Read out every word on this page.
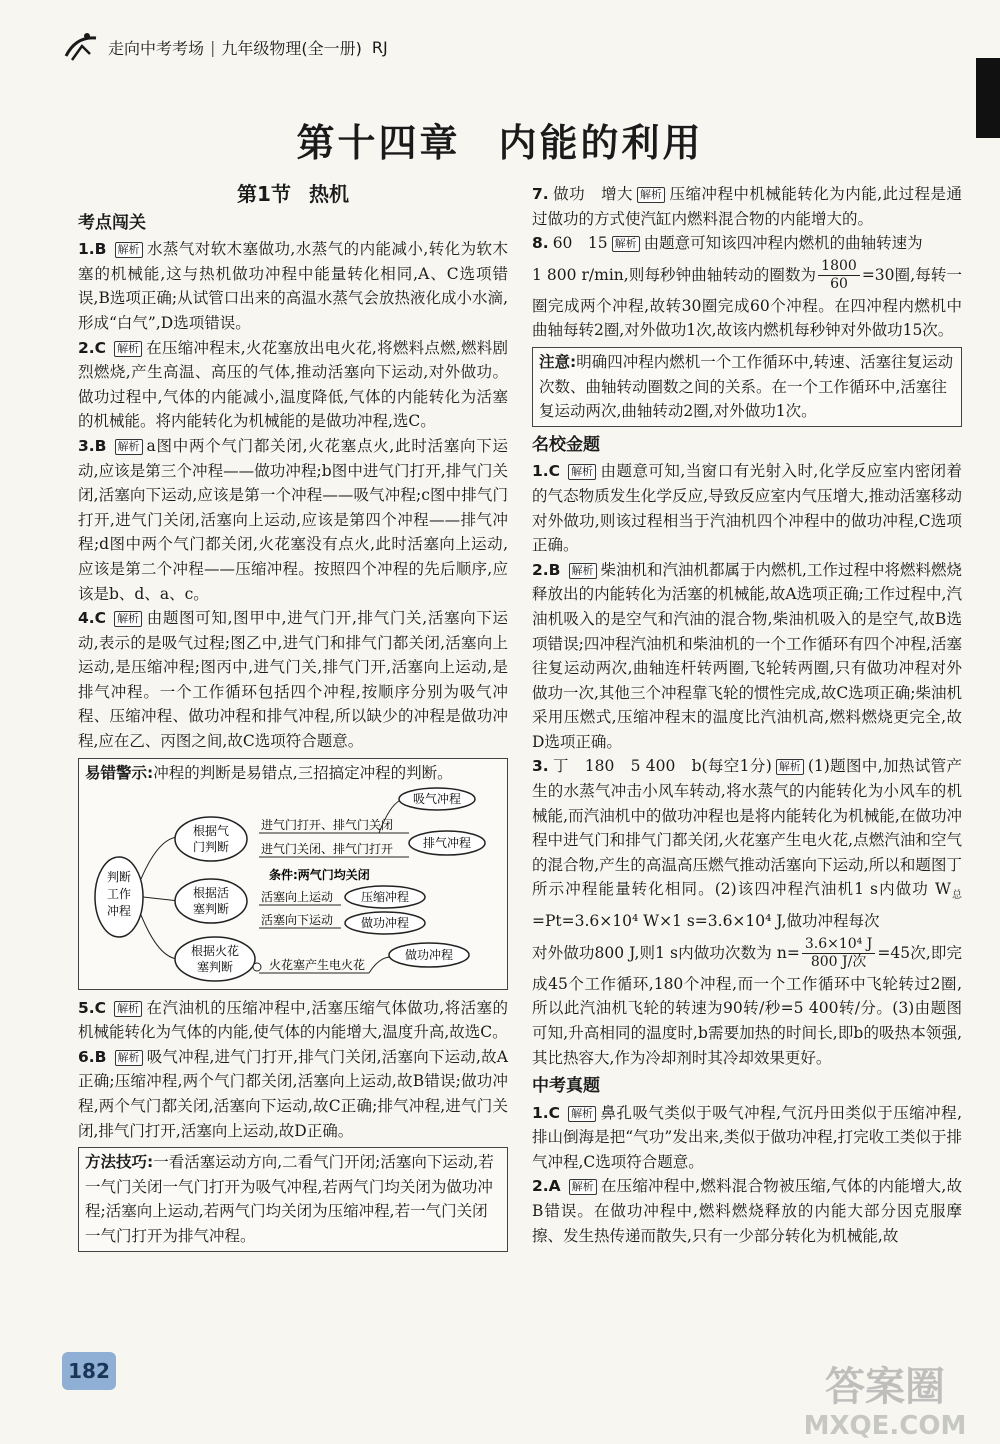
走向中考考场 | 九年级物理(全一册) RJ
第十四章 内能的利用
第1节 热机
考点闯关

1.B 解析 水蒸气对软木塞做功,水蒸气的内能减小,转化为软木塞的机械能,这与热机做功冲程中能量转化相同,A、C选项错误,B选项正确;从试管口出来的高温水蒸气会放热液化成小水滴,形成“白气”,D选项错误。

2.C 解析 在压缩冲程末,火花塞放出电火花,将燃料点燃,燃料剧烈燃烧,产生高温、高压的气体,推动活塞向下运动,对外做功。做功过程中,气体的内能减小,温度降低,气体的内能转化为活塞的机械能。将内能转化为机械能的是做功冲程,选C。

3.B 解析 a图中两个气门都关闭,火花塞点火,此时活塞向下运动,应该是第三个冲程——做功冲程;b图中进气门打开,排气门关闭,活塞向下运动,应该是第一个冲程——吸气冲程;c图中排气门打开,进气门关闭,活塞向上运动,应该是第四个冲程——排气冲程;d图中两个气门都关闭,火花塞没有点火,此时活塞向上运动,应该是第二个冲程——压缩冲程。按照四个冲程的先后顺序,应该是b、d、a、c。

4.C 解析 由题图可知,图甲中,进气门开,排气门关,活塞向下运动,表示的是吸气过程;图乙中,进气门和排气门都关闭,活塞向上运动,是压缩冲程;图丙中,进气门关,排气门开,活塞向上运动,是排气冲程。一个工作循环包括四个冲程,按顺序分别为吸气冲程、压缩冲程、做功冲程和排气冲程,所以缺少的冲程是做功冲程,应在乙、丙图之间,故C选项符合题意。

易错警示:冲程的判断是易错点,三招搞定冲程的判断。
判断
工作
冲程
根据气
门判断
根据活
塞判断
根据火花
塞判断
进气门打开、排气门关闭
进气门关闭、排气门打开
条件:两气门均关闭
活塞向上运动
活塞向下运动
火花塞产生电火花
吸气冲程
排气冲程
压缩冲程
做功冲程
做功冲程

5.C 解析 在汽油机的压缩冲程中,活塞压缩气体做功,将活塞的机械能转化为气体的内能,使气体的内能增大,温度升高,故选C。

6.B 解析 吸气冲程,进气门打开,排气门关闭,活塞向下运动,故A正确;压缩冲程,两个气门都关闭,活塞向上运动,故B错误;做功冲程,两个气门都关闭,活塞向下运动,故C正确;排气冲程,进气门关闭,排气门打开,活塞向上运动,故D正确。

方法技巧:一看活塞运动方向,二看气门开闭;活塞向下运动,若一气门关闭一气门打开为吸气冲程,若两气门均关闭为做功冲程;活塞向上运动,若两气门均关闭为压缩冲程,若一气门关闭一气门打开为排气冲程。

7. 做功　增大 解析 压缩冲程中机械能转化为内能,此过程是通过做功的方式使汽缸内燃料混合物的内能增大的。

8. 60　15 解析 由题意可知该四冲程内燃机的曲轴转速为
1 800 r/min,则每秒钟曲轴转动的圈数为 $\frac{1800}{60} =30$圈,每转一圈完成两个冲程,故转30圈完成60个冲程。在四冲程内燃机中曲轴每转2圈,对外做功1次,故该内燃机每秒钟对外做功15次。

注意:明确四冲程内燃机一个工作循环中,转速、活塞往复运动次数、曲轴转动圈数之间的关系。在一个工作循环中,活塞往复运动两次,曲轴转动2圈,对外做功1次。
名校金题

1.C 解析 由题意可知,当窗口有光射入时,化学反应室内密闭着的气态物质发生化学反应,导致反应室内气压增大,推动活塞移动对外做功,则该过程相当于汽油机四个冲程中的做功冲程,C选项正确。

2.B 解析 柴油机和汽油机都属于内燃机,工作过程中将燃料燃烧释放出的内能转化为活塞的机械能,故A选项正确;工作过程中,汽油机吸入的是空气和汽油的混合物,柴油机吸入的是空气,故B选项错误;四冲程汽油机和柴油机的一个工作循环有四个冲程,活塞往复运动两次,曲轴连杆转两圈,飞轮转两圈,只有做功冲程对外做功一次,其他三个冲程靠飞轮的惯性完成,故C选项正确;柴油机采用压燃式,压缩冲程末的温度比汽油机高,燃料燃烧更完全,故D选项正确。

3. 丁　180　5 400　b(每空1分) 解析 (1)题图中,加热试管产生的水蒸气冲击小风车转动,将水蒸气的内能转化为小风车的机械能,而汽油机中的做功冲程也是将内能转化为机械能,在做功冲程中进气门和排气门都关闭,火花塞产生电火花,点燃汽油和空气的混合物,产生的高温高压燃气推动活塞向下运动,所以和题图丁所示冲程能量转化相同。(2)该四冲程汽油机1 s内做功 $W_总=Pt=3.6\times 10^4$ W×1 s=3.6×10⁴ J,做功冲程每次
对外做功800 J,则1 s内做功次数为 $n= \frac{\text{3.6×10⁴ J}}{\text{800 J/次}} =45$次,即完成45个工作循环,180个冲程,而一个工作循环中飞轮转过2圈,所以此汽油机飞轮的转速为90转/秒=5 400转/分。(3)由题图可知,升高相同的温度时,b需要加热的时间长,即b的吸热本领强,其比热容大,作为冷却剂时其冷却效果更好。

中考真题

1.C 解析 鼻孔吸气类似于吸气冲程,气沉丹田类似于压缩冲程,排山倒海是把“气功”发出来,类似于做功冲程,打完收工类似于排气冲程,C选项符合题意。

2.A 解析 在压缩冲程中,燃料混合物被压缩,气体的内能增大,故B错误。在做功冲程中,燃料燃烧释放的内能大部分因克服摩擦、发生热传递而散失,只有一少部分转化为机械能,故

182	答案圈
MXQE.COM
